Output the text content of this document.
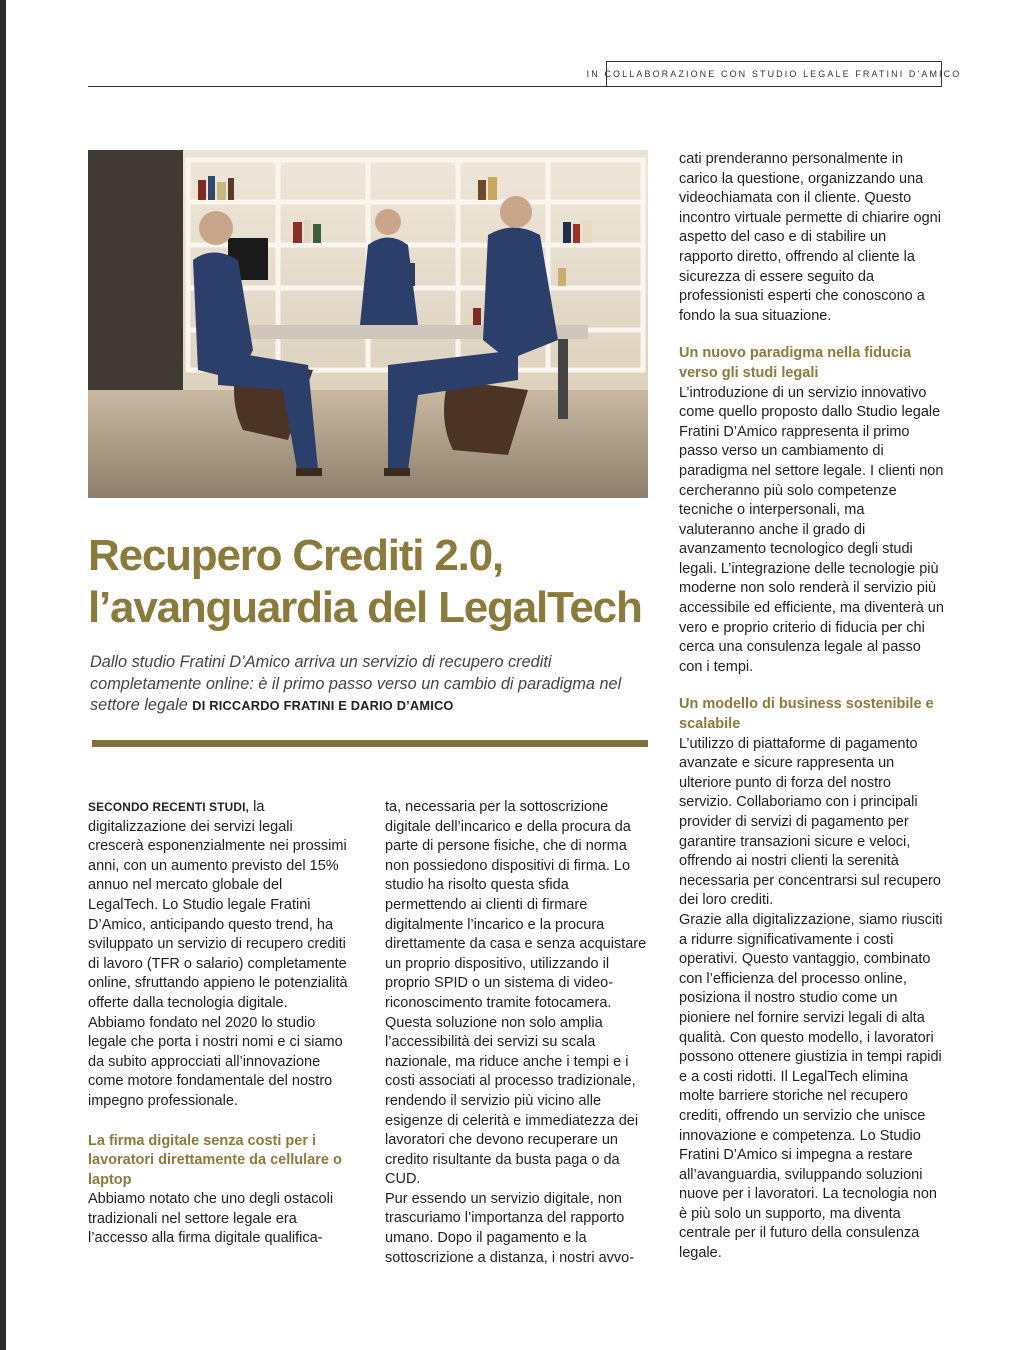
IN COLLABORAZIONE CON STUDIO LEGALE FRATINI D'AMICO
Recupero Crediti 2.0,
l’avanguardia del LegalTech

Dallo studio Fratini D’Amico arriva un servizio di recupero crediti completamente online: è il primo passo verso un cambio di paradigma nel settore legale DI RICCARDO FRATINI E DARIO D’AMICO

SECONDO RECENTI STUDI, la digitalizzazione dei servizi legali crescerà esponenzialmente nei prossimi anni, con un aumento previsto del 15% annuo nel mercato globale del LegalTech. Lo Studio legale Fratini D’Amico, anticipando questo trend, ha sviluppato un servizio di recupero crediti di lavoro (TFR o salario) completamente online, sfruttando appieno le potenzialità offerte dalla tecnologia digitale. Abbiamo fondato nel 2020 lo studio legale che porta i nostri nomi e ci siamo da subito approcciati all’innovazione come motore fondamentale del nostro impegno professionale.

La firma digitale senza costi per i lavoratori direttamente da cellulare o laptop

Abbiamo notato che uno degli ostacoli tradizionali nel settore legale era l’accesso alla firma digitale qualifica-

ta, necessaria per la sottoscrizione digitale dell’incarico e della procura da parte di persone fisiche, che di norma non possiedono dispositivi di firma. Lo studio ha risolto questa sfida permettendo ai clienti di firmare digitalmente l’incarico e la procura direttamente da casa e senza acquistare un proprio dispositivo, utilizzando il proprio SPID o un sistema di video-riconoscimento tramite fotocamera. Questa soluzione non solo amplia l’accessibilità dei servizi su scala nazionale, ma riduce anche i tempi e i costi associati al processo tradizionale, rendendo il servizio più vicino alle esigenze di celerità e immediatezza dei lavoratori che devono recuperare un credito risultante da busta paga o da CUD.

Pur essendo un servizio digitale, non trascuriamo l’importanza del rapporto umano. Dopo il pagamento e la sottoscrizione a distanza, i nostri avvo-

cati prenderanno personalmente in carico la questione, organizzando una videochiamata con il cliente. Questo incontro virtuale permette di chiarire ogni aspetto del caso e di stabilire un rapporto diretto, offrendo al cliente la sicurezza di essere seguito da professionisti esperti che conoscono a fondo la sua situazione.

Un nuovo paradigma nella fiducia verso gli studi legali

L’introduzione di un servizio innovativo come quello proposto dallo Studio legale Fratini D’Amico rappresenta il primo passo verso un cambiamento di paradigma nel settore legale. I clienti non cercheranno più solo competenze tecniche o interpersonali, ma valuteranno anche il grado di avanzamento tecnologico degli studi legali. L’integrazione delle tecnologie più moderne non solo renderà il servizio più accessibile ed efficiente, ma diventerà un vero e proprio criterio di fiducia per chi cerca una consulenza legale al passo con i tempi.

Un modello di business sostenibile e scalabile

L’utilizzo di piattaforme di pagamento avanzate e sicure rappresenta un ulteriore punto di forza del nostro servizio. Collaboriamo con i principali provider di servizi di pagamento per garantire transazioni sicure e veloci, offrendo ai nostri clienti la serenità necessaria per concentrarsi sul recupero dei loro crediti.

Grazie alla digitalizzazione, siamo riusciti a ridurre significativamente i costi operativi. Questo vantaggio, combinato con l’efficienza del processo online, posiziona il nostro studio come un pioniere nel fornire servizi legali di alta qualità. Con questo modello, i lavoratori possono ottenere giustizia in tempi rapidi e a costi ridotti. Il LegalTech elimina molte barriere storiche nel recupero crediti, offrendo un servizio che unisce innovazione e competenza. Lo Studio Fratini D’Amico si impegna a restare all’avanguardia, sviluppando soluzioni nuove per i lavoratori. La tecnologia non è più solo un supporto, ma diventa centrale per il futuro della consulenza legale.
